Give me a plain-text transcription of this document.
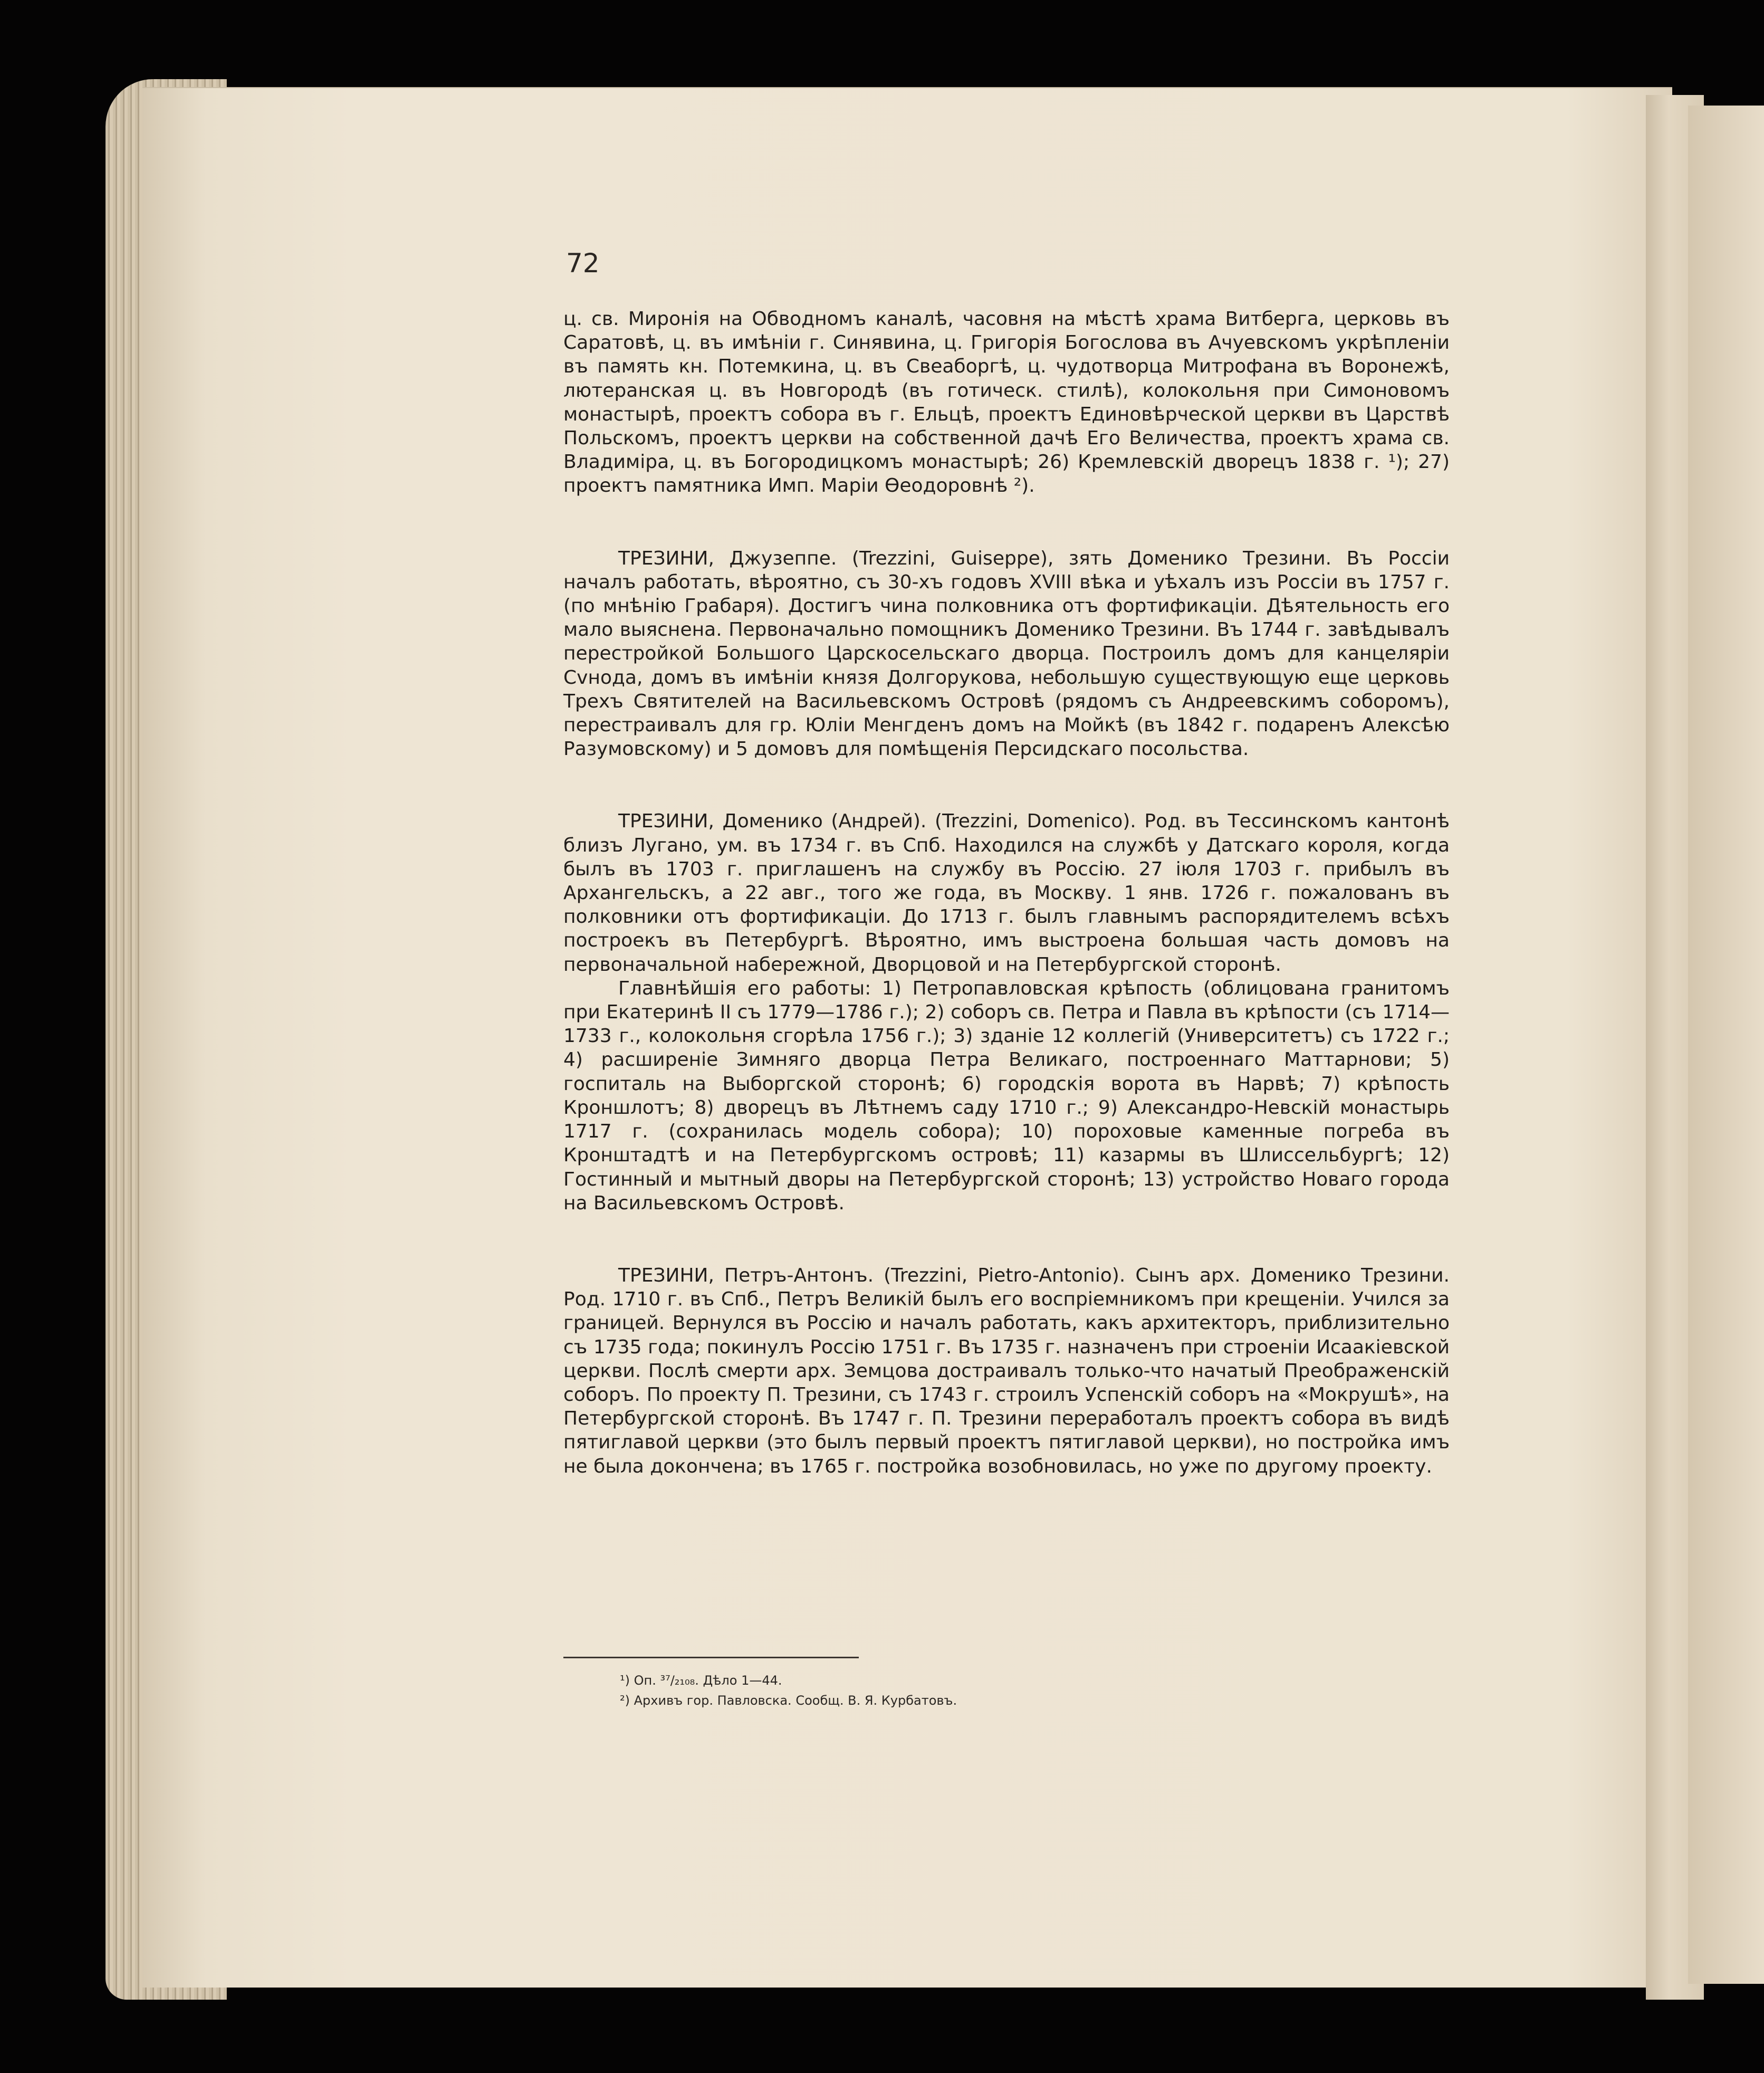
72

ц. св. Миронія на Обводномъ каналѣ, часовня на мѣстѣ храма Витберга, церковь въ Саратовѣ, ц. въ имѣніи г. Синявина, ц. Григорія Богослова въ Ачуевскомъ укрѣпленіи въ память кн. Потемкина, ц. въ Свеаборгѣ, ц. чудотворца Митрофана въ Воронежѣ, лютеранская ц. въ Новгородѣ (въ готическ. стилѣ), колокольня при Симоновомъ монастырѣ, проектъ собора въ г. Ельцѣ, проектъ Единовѣрческой церкви въ Царствѣ Польскомъ, проектъ церкви на собственной дачѣ Его Величества, проектъ храма св. Владиміра, ц. въ Богородицкомъ монастырѣ; 26) Кремлевскій дворецъ 1838 г. ¹); 27) проектъ памятника Имп. Маріи Ѳеодоровнѣ ²).

ТРЕЗИНИ, Джузеппе. (Trezzini, Guiseppe), зять Доменико Трезини. Въ Россіи началъ работать, вѣроятно, съ 30-хъ годовъ XVIII вѣка и уѣхалъ изъ Россіи въ 1757 г. (по мнѣнію Грабаря). Достигъ чина полковника отъ фортификаціи. Дѣятельность его мало выяснена. Первоначально помощникъ Доменико Трезини. Въ 1744 г. завѣдывалъ перестройкой Большого Царскосельскаго дворца. Построилъ домъ для канцеляріи Сvнода, домъ въ имѣніи князя Долгорукова, небольшую существующую еще церковь Трехъ Святителей на Васильевскомъ Островѣ (рядомъ съ Андреевскимъ соборомъ), перестраивалъ для гр. Юліи Менгденъ домъ на Мойкѣ (въ 1842 г. подаренъ Алексѣю Разумовскому) и 5 домовъ для помѣщенія Персидскаго посольства.

ТРЕЗИНИ, Доменико (Андрей). (Trezzini, Domenico). Род. въ Тессинскомъ кантонѣ близъ Лугано, ум. въ 1734 г. въ Спб. Находился на службѣ у Датскаго короля, когда былъ въ 1703 г. приглашенъ на службу въ Россію. 27 іюля 1703 г. прибылъ въ Архангельскъ, а 22 авг., того же года, въ Москву. 1 янв. 1726 г. пожалованъ въ полковники отъ фортификаціи. До 1713 г. былъ главнымъ распорядителемъ всѣхъ построекъ въ Петербургѣ. Вѣроятно, имъ выстроена большая часть домовъ на первоначальной набережной, Дворцовой и на Петербургской сторонѣ.

Главнѣйшія его работы: 1) Петропавловская крѣпость (облицована гранитомъ при Екатеринѣ II съ 1779—1786 г.); 2) соборъ св. Петра и Павла въ крѣпости (съ 1714—1733 г., колокольня сгорѣла 1756 г.); 3) зданіе 12 коллегій (Университетъ) съ 1722 г.; 4) расширеніе Зимняго дворца Петра Великаго, построеннаго Маттарнови; 5) госпиталь на Выборгской сторонѣ; 6) городскія ворота въ Нарвѣ; 7) крѣпость Кроншлотъ; 8) дворецъ въ Лѣтнемъ саду 1710 г.; 9) Александро-Невскій монастырь 1717 г. (сохранилась модель собора); 10) пороховые каменные погреба въ Кронштадтѣ и на Петербургскомъ островѣ; 11) казармы въ Шлиссельбургѣ; 12) Гостинный и мытный дворы на Петербургской сторонѣ; 13) устройство Новаго города на Васильевскомъ Островѣ.

ТРЕЗИНИ, Петръ-Антонъ. (Trezzini, Pietro-Antonio). Сынъ арх. Доменико Трезини. Род. 1710 г. въ Спб., Петръ Великій былъ его воспріемникомъ при крещеніи. Учился за границей. Вернулся въ Россію и началъ работать, какъ архитекторъ, приблизительно съ 1735 года; покинулъ Россію 1751 г. Въ 1735 г. назначенъ при строеніи Исаакіевской церкви. Послѣ смерти арх. Земцова достраивалъ только-что начатый Преображенскій соборъ. По проекту П. Трезини, съ 1743 г. строилъ Успенскій соборъ на «Мокрушѣ», на Петербургской сторонѣ. Въ 1747 г. П. Трезини переработалъ проектъ собора въ видѣ пятиглавой церкви (это былъ первый проектъ пятиглавой церкви), но постройка имъ не была докончена; въ 1765 г. постройка возобновилась, но уже по другому проекту.

¹) Оп. ³⁷/₂₁₀₈. Дѣло 1—44.

²) Архивъ гор. Павловска. Сообщ. В. Я. Курбатовъ.
